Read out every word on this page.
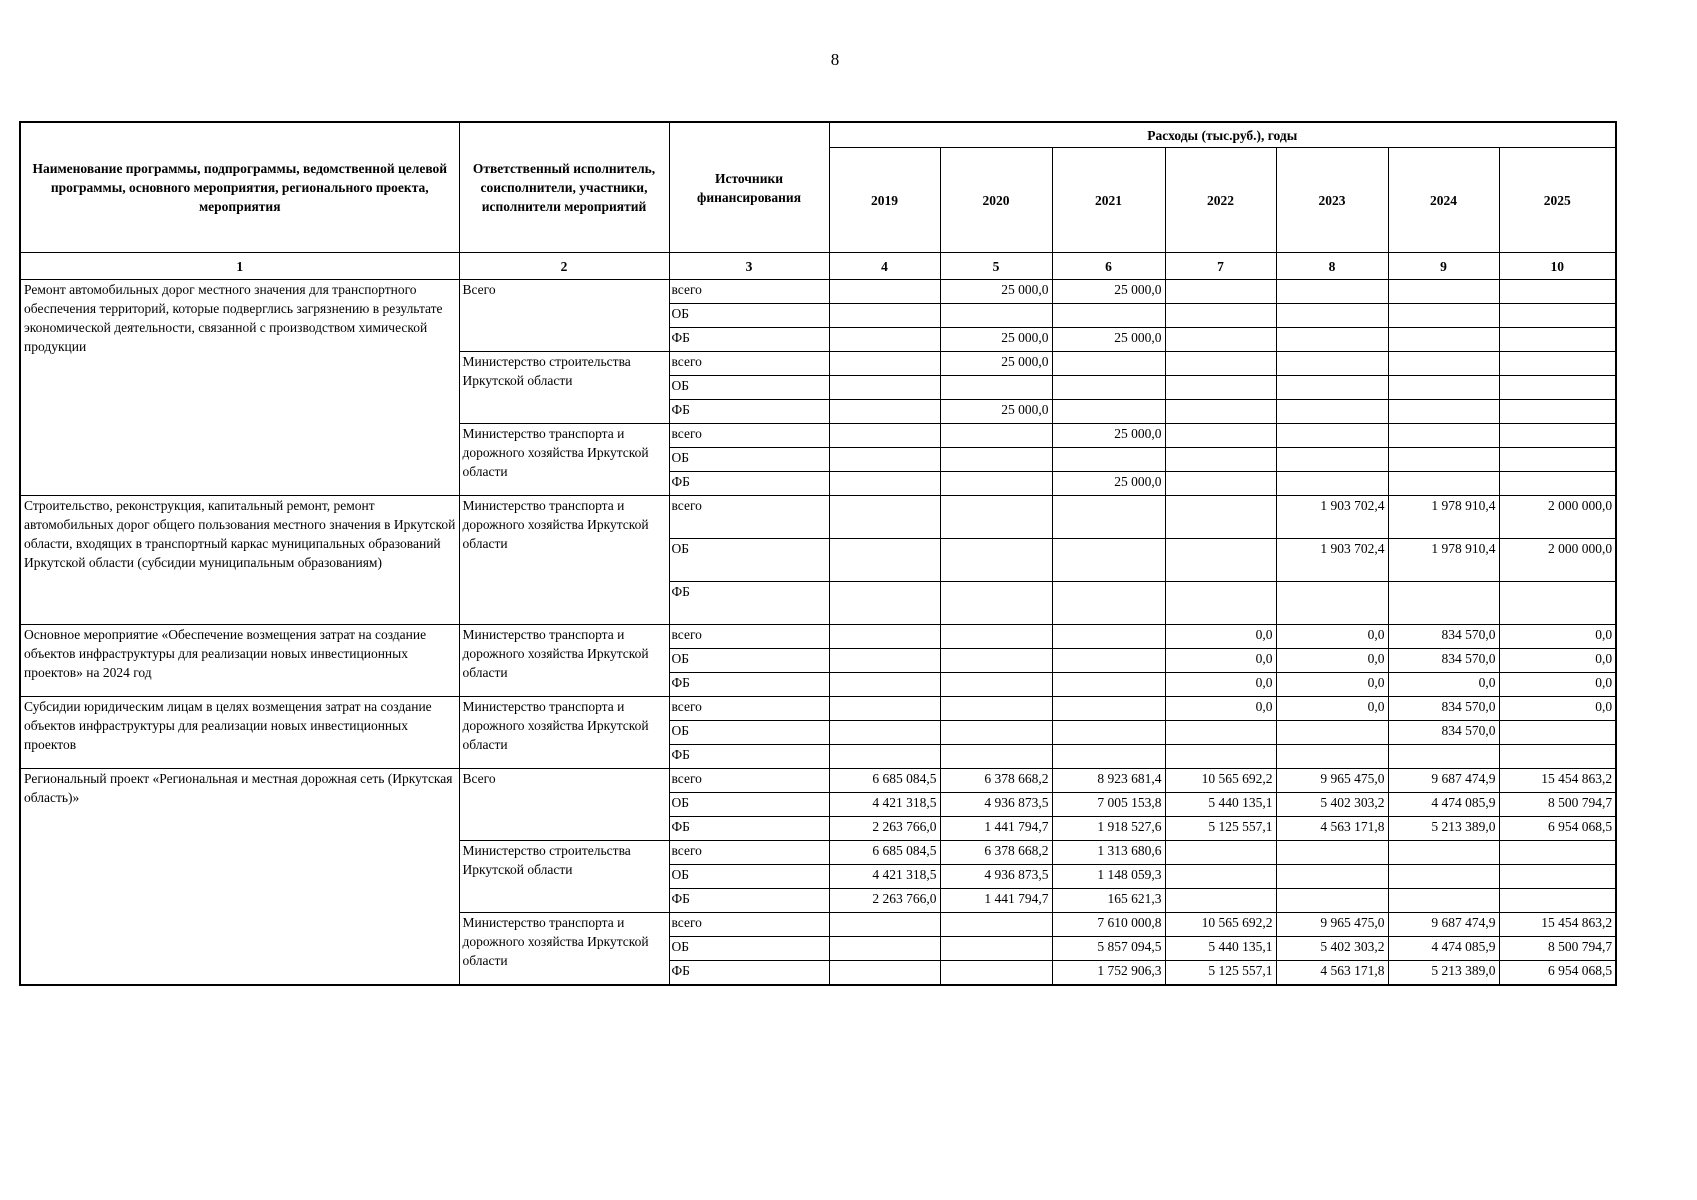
8
Наименование программы, подпрограммы, ведомственной целевой программы, основного мероприятия, регионального проекта, мероприятия	Ответственный исполнитель, соисполнители, участники, исполнители мероприятий	Источники финансирования	Расходы (тыс.руб.), годы						
			2019	2020	2021	2022	2023	2024	2025
1	2	3	4	5	6	7	8	9	10
Ремонт автомобильных дорог местного значения для транспортного обеспечения территорий, которые подверглись загрязнению в результате экономической деятельности, связанной с производством химической продукции	Всего	всего		25 000,0	25 000,0				
		ОБ							
		ФБ		25 000,0	25 000,0				
	Министерство строительства Иркутской области	всего		25 000,0					
		ОБ							
		ФБ		25 000,0					
	Министерство транспорта и дорожного хозяйства Иркутской области	всего			25 000,0				
		ОБ							
		ФБ			25 000,0				
Строительство, реконструкция, капитальный ремонт, ремонт автомобильных дорог общего пользования местного значения в Иркутской области, входящих в транспортный каркас муниципальных образований Иркутской области (субсидии муниципальным образованиям)	Министерство транспорта и дорожного хозяйства Иркутской области	всего					1 903 702,4	1 978 910,4	2 000 000,0
		ОБ					1 903 702,4	1 978 910,4	2 000 000,0
		ФБ							
Основное мероприятие «Обеспечение возмещения затрат на создание объектов инфраструктуры для реализации новых инвестиционных проектов» на 2024 год	Министерство транспорта и дорожного хозяйства Иркутской области	всего				0,0	0,0	834 570,0	0,0
		ОБ				0,0	0,0	834 570,0	0,0
		ФБ				0,0	0,0	0,0	0,0
Субсидии юридическим лицам в целях возмещения затрат на создание объектов инфраструктуры для реализации новых инвестиционных проектов	Министерство транспорта и дорожного хозяйства Иркутской области	всего				0,0	0,0	834 570,0	0,0
		ОБ						834 570,0	
		ФБ							
Региональный проект «Региональная и местная дорожная сеть (Иркутская область)»	Всего	всего	6 685 084,5	6 378 668,2	8 923 681,4	10 565 692,2	9 965 475,0	9 687 474,9	15 454 863,2
		ОБ	4 421 318,5	4 936 873,5	7 005 153,8	5 440 135,1	5 402 303,2	4 474 085,9	8 500 794,7
		ФБ	2 263 766,0	1 441 794,7	1 918 527,6	5 125 557,1	4 563 171,8	5 213 389,0	6 954 068,5
	Министерство строительства Иркутской области	всего	6 685 084,5	6 378 668,2	1 313 680,6				
		ОБ	4 421 318,5	4 936 873,5	1 148 059,3				
		ФБ	2 263 766,0	1 441 794,7	165 621,3				
	Министерство транспорта и дорожного хозяйства Иркутской области	всего			7 610 000,8	10 565 692,2	9 965 475,0	9 687 474,9	15 454 863,2
		ОБ			5 857 094,5	5 440 135,1	5 402 303,2	4 474 085,9	8 500 794,7
		ФБ			1 752 906,3	5 125 557,1	4 563 171,8	5 213 389,0	6 954 068,5
